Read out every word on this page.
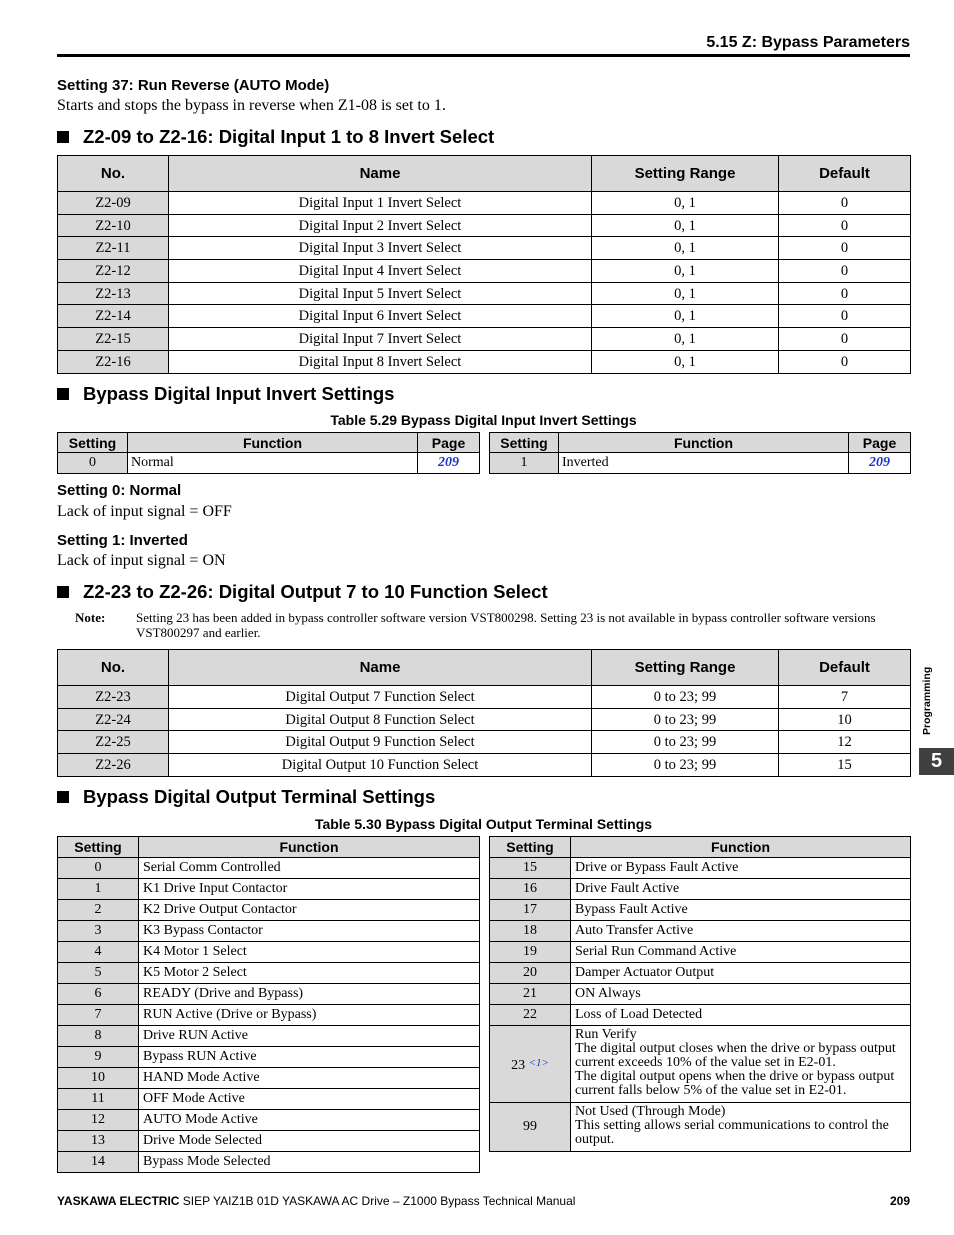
5.15 Z: Bypass Parameters
Setting 37: Run Reverse (AUTO Mode)
Starts and stops the bypass in reverse when Z1-08 is set to 1.
Z2-09 to Z2-16: Digital Input 1 to 8 Invert Select
No.	Name	Setting Range	Default
Z2-09	Digital Input 1 Invert Select	0, 1	0
Z2-10	Digital Input 2 Invert Select	0, 1	0
Z2-11	Digital Input 3 Invert Select	0, 1	0
Z2-12	Digital Input 4 Invert Select	0, 1	0
Z2-13	Digital Input 5 Invert Select	0, 1	0
Z2-14	Digital Input 6 Invert Select	0, 1	0
Z2-15	Digital Input 7 Invert Select	0, 1	0
Z2-16	Digital Input 8 Invert Select	0, 1	0
Bypass Digital Input Invert Settings
Table 5.29 Bypass Digital Input Invert Settings
Setting	Function	Page
0	Normal	209
Setting	Function	Page
1	Inverted	209
Setting 0: Normal
Lack of input signal = OFF
Setting 1: Inverted
Lack of input signal = ON
Z2-23 to Z2-26: Digital Output 7 to 10 Function Select
Note: Setting 23 has been added in bypass controller software version VST800298. Setting 23 is not available in bypass controller software versions VST800297 and earlier.
No.	Name	Setting Range	Default
Z2-23	Digital Output 7 Function Select	0 to 23; 99	7
Z2-24	Digital Output 8 Function Select	0 to 23; 99	10
Z2-25	Digital Output 9 Function Select	0 to 23; 99	12
Z2-26	Digital Output 10 Function Select	0 to 23; 99	15
Bypass Digital Output Terminal Settings
Table 5.30 Bypass Digital Output Terminal Settings
Setting	Function
0	Serial Comm Controlled
1	K1 Drive Input Contactor
2	K2 Drive Output Contactor
3	K3 Bypass Contactor
4	K4 Motor 1 Select
5	K5 Motor 2 Select
6	READY (Drive and Bypass)
7	RUN Active (Drive or Bypass)
8	Drive RUN Active
9	Bypass RUN Active
10	HAND Mode Active
11	OFF Mode Active
12	AUTO Mode Active
13	Drive Mode Selected
14	Bypass Mode Selected
Setting	Function
15	Drive or Bypass Fault Active
16	Drive Fault Active
17	Bypass Fault Active
18	Auto Transfer Active
19	Serial Run Command Active
20	Damper Actuator Output
21	ON Always
22	Loss of Load Detected
23 $^{<1>}$	Run Verify
The digital output closes when the drive or bypass output current exceeds 10% of the value set in E2-01.
The digital output opens when the drive or bypass output current falls below 5% of the value set in E2-01.

99	Not Used (Through Mode)
This setting allows serial communications to control the output.
Programming
5
YASKAWA ELECTRIC SIEP YAIZ1B 01D YASKAWA AC Drive – Z1000 Bypass Technical Manual	209
